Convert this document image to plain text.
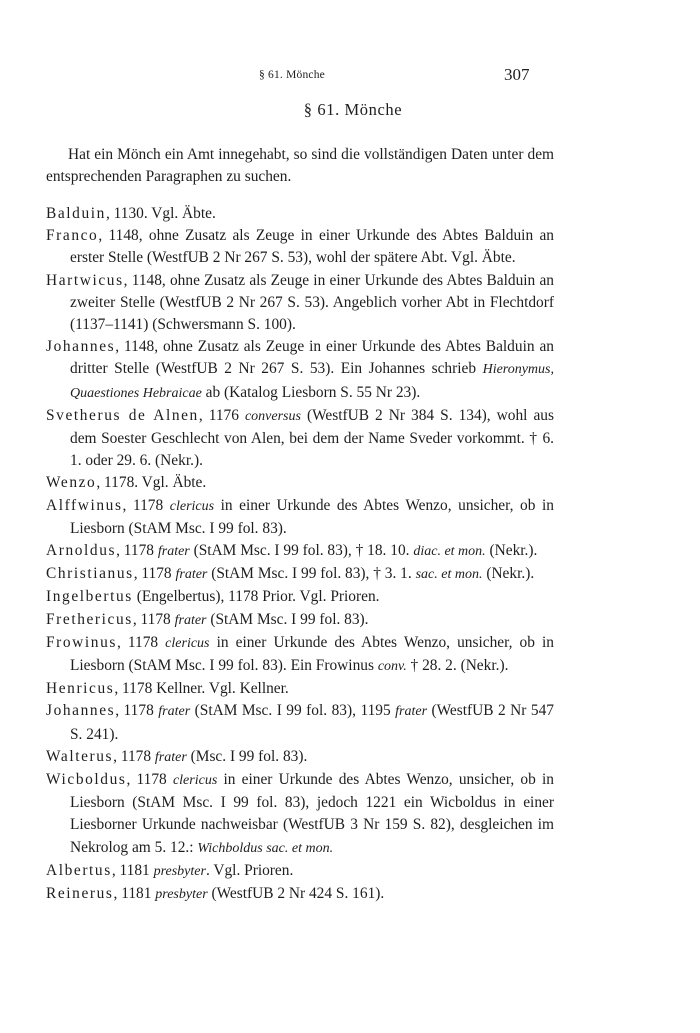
§ 61. Mönche	307
§ 61. Mönche

Hat ein Mönch ein Amt innegehabt, so sind die vollständigen Daten unter dem entsprechenden Paragraphen zu suchen.

Balduin, 1130. Vgl. Äbte.
Franco, 1148, ohne Zusatz als Zeuge in einer Urkunde des Abtes Balduin an erster Stelle (WestfUB 2 Nr 267 S. 53), wohl der spätere Abt. Vgl. Äbte.
Hartwicus, 1148, ohne Zusatz als Zeuge in einer Urkunde des Abtes Balduin an zweiter Stelle (WestfUB 2 Nr 267 S. 53). Angeblich vorher Abt in Flechtdorf (1137–1141) (Schwersmann S. 100).
Johannes, 1148, ohne Zusatz als Zeuge in einer Urkunde des Abtes Balduin an dritter Stelle (WestfUB 2 Nr 267 S. 53). Ein Johannes schrieb Hieronymus, Quaestiones Hebraicae ab (Katalog Liesborn S. 55 Nr 23).
Svetherus de Alnen, 1176 conversus (WestfUB 2 Nr 384 S. 134), wohl aus dem Soester Geschlecht von Alen, bei dem der Name Sveder vorkommt. † 6. 1. oder 29. 6. (Nekr.).
Wenzo, 1178. Vgl. Äbte.
Alffwinus, 1178 clericus in einer Urkunde des Abtes Wenzo, unsicher, ob in Liesborn (StAM Msc. I 99 fol. 83).
Arnoldus, 1178 frater (StAM Msc. I 99 fol. 83), † 18. 10. diac. et mon. (Nekr.).
Christianus, 1178 frater (StAM Msc. I 99 fol. 83), † 3. 1. sac. et mon. (Nekr.).
Ingelbertus (Engelbertus), 1178 Prior. Vgl. Prioren.
Fretheriсus, 1178 frater (StAM Msc. I 99 fol. 83).
Frowinus, 1178 clericus in einer Urkunde des Abtes Wenzo, unsicher, ob in Liesborn (StAM Msc. I 99 fol. 83). Ein Frowinus conv. † 28. 2. (Nekr.).
Henricus, 1178 Kellner. Vgl. Kellner.
Johannes, 1178 frater (StAM Msc. I 99 fol. 83), 1195 frater (WestfUB 2 Nr 547 S. 241).
Walterus, 1178 frater (Msc. I 99 fol. 83).
Wicboldus, 1178 clericus in einer Urkunde des Abtes Wenzo, unsicher, ob in Liesborn (StAM Msc. I 99 fol. 83), jedoch 1221 ein Wicboldus in einer Liesborner Urkunde nachweisbar (WestfUB 3 Nr 159 S. 82), desgleichen im Nekrolog am 5. 12.: Wichboldus sac. et mon.
Albertus, 1181 presbyter. Vgl. Prioren.
Reinerus, 1181 presbyter (WestfUB 2 Nr 424 S. 161).
